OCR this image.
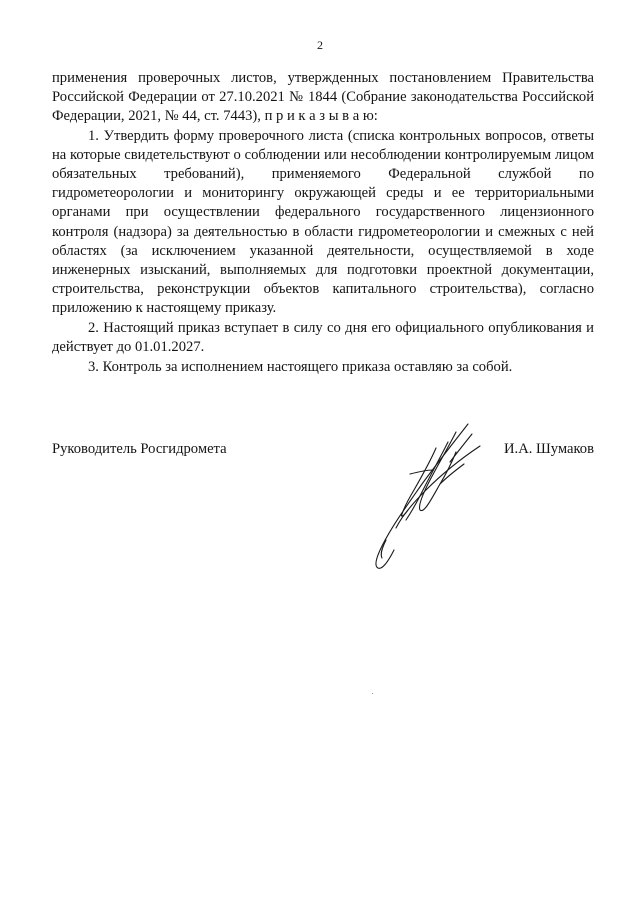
2

применения проверочных листов, утвержденных постановлением Правительства Российской Федерации от 27.10.2021 № 1844 (Собрание законодательства Российской Федерации, 2021, № 44, ст. 7443), п р и к а з ы в а ю:

1. Утвердить форму проверочного листа (списка контрольных вопросов, ответы на которые свидетельствуют о соблюдении или несоблюдении контролируемым лицом обязательных требований), применяемого Федеральной службой по гидрометеорологии и мониторингу окружающей среды и ее территориальными органами при осуществлении федерального государственного лицензионного контроля (надзора) за деятельностью в области гидрометеорологии и смежных с ней областях (за исключением указанной деятельности, осуществляемой в ходе инженерных изысканий, выполняемых для подготовки проектной документации, строительства, реконструкции объектов капитального строительства), согласно приложению к настоящему приказу.

2. Настоящий приказ вступает в силу со дня его официального опубликования и действует до 01.01.2027.

3. Контроль за исполнением настоящего приказа оставляю за собой.

Руководитель Росгидромета	И.А. Шумаков
